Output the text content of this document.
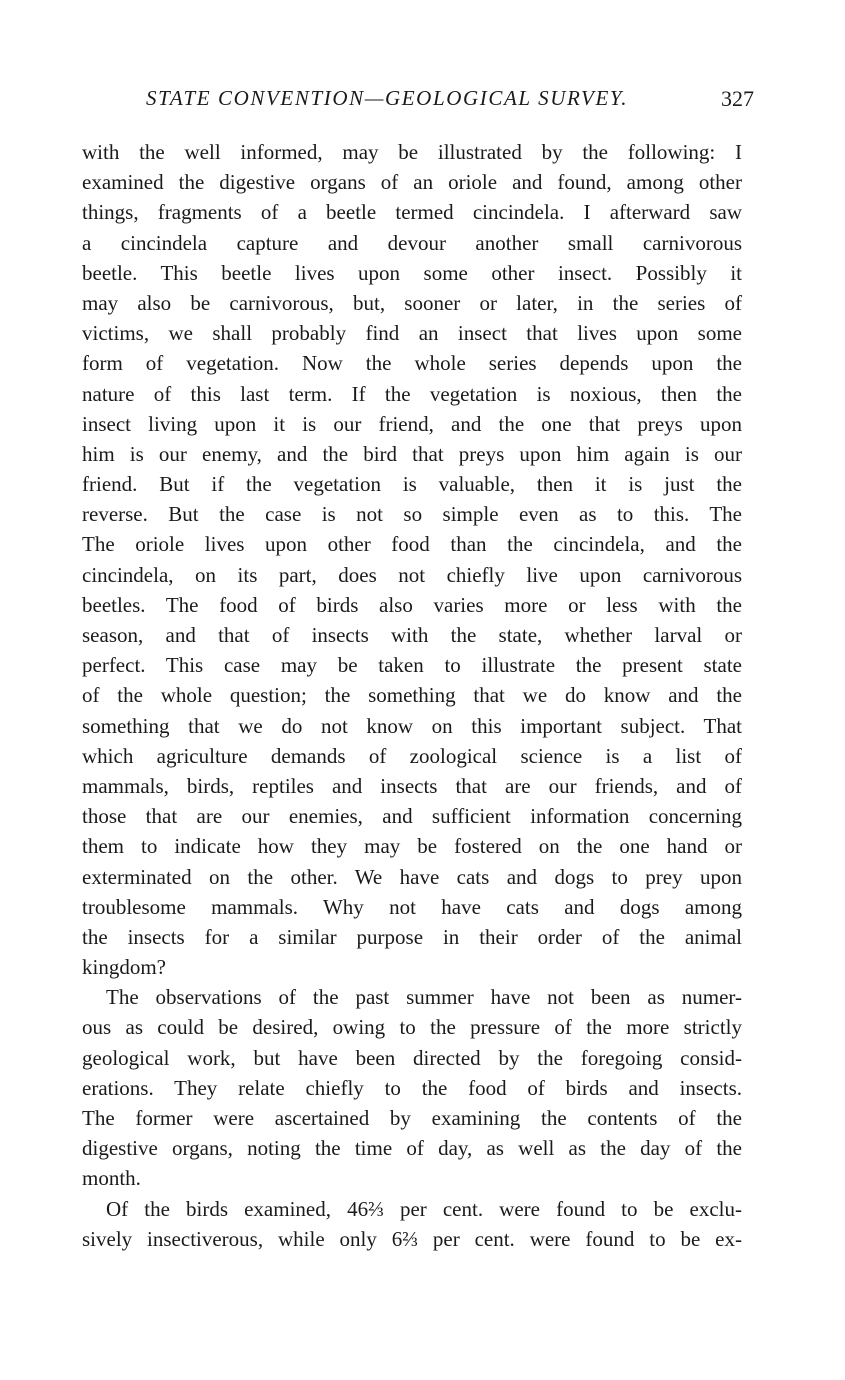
STATE CONVENTION—GEOLOGICAL SURVEY.	327
with the well informed, may be illustrated by the following: I
examined the digestive organs of an oriole and found, among other
things, fragments of a beetle termed cincindela. I afterward saw
a cincindela capture and devour another small carnivorous
beetle. This beetle lives upon some other insect. Possibly it
may also be carnivorous, but, sooner or later, in the series of
victims, we shall probably find an insect that lives upon some
form of vegetation. Now the whole series depends upon the
nature of this last term. If the vegetation is noxious, then the
insect living upon it is our friend, and the one that preys upon
him is our enemy, and the bird that preys upon him again is our
friend. But if the vegetation is valuable, then it is just the
reverse. But the case is not so simple even as to this. The
The oriole lives upon other food than the cincindela, and the
cincindela, on its part, does not chiefly live upon carnivorous
beetles. The food of birds also varies more or less with the
season, and that of insects with the state, whether larval or
perfect. This case may be taken to illustrate the present state
of the whole question; the something that we do know and the
something that we do not know on this important subject. That
which agriculture demands of zoological science is a list of
mammals, birds, reptiles and insects that are our friends, and of
those that are our enemies, and sufficient information concerning
them to indicate how they may be fostered on the one hand or
exterminated on the other. We have cats and dogs to prey upon
troublesome mammals. Why not have cats and dogs among
the insects for a similar purpose in their order of the animal
kingdom?
The observations of the past summer have not been as numer-
ous as could be desired, owing to the pressure of the more strictly
geological work, but have been directed by the foregoing consid-
erations. They relate chiefly to the food of birds and insects.
The former were ascertained by examining the contents of the
digestive organs, noting the time of day, as well as the day of the
month.
Of the birds examined, 46⅔ per cent. were found to be exclu-
sively insectiverous, while only 6⅔ per cent. were found to be ex-
